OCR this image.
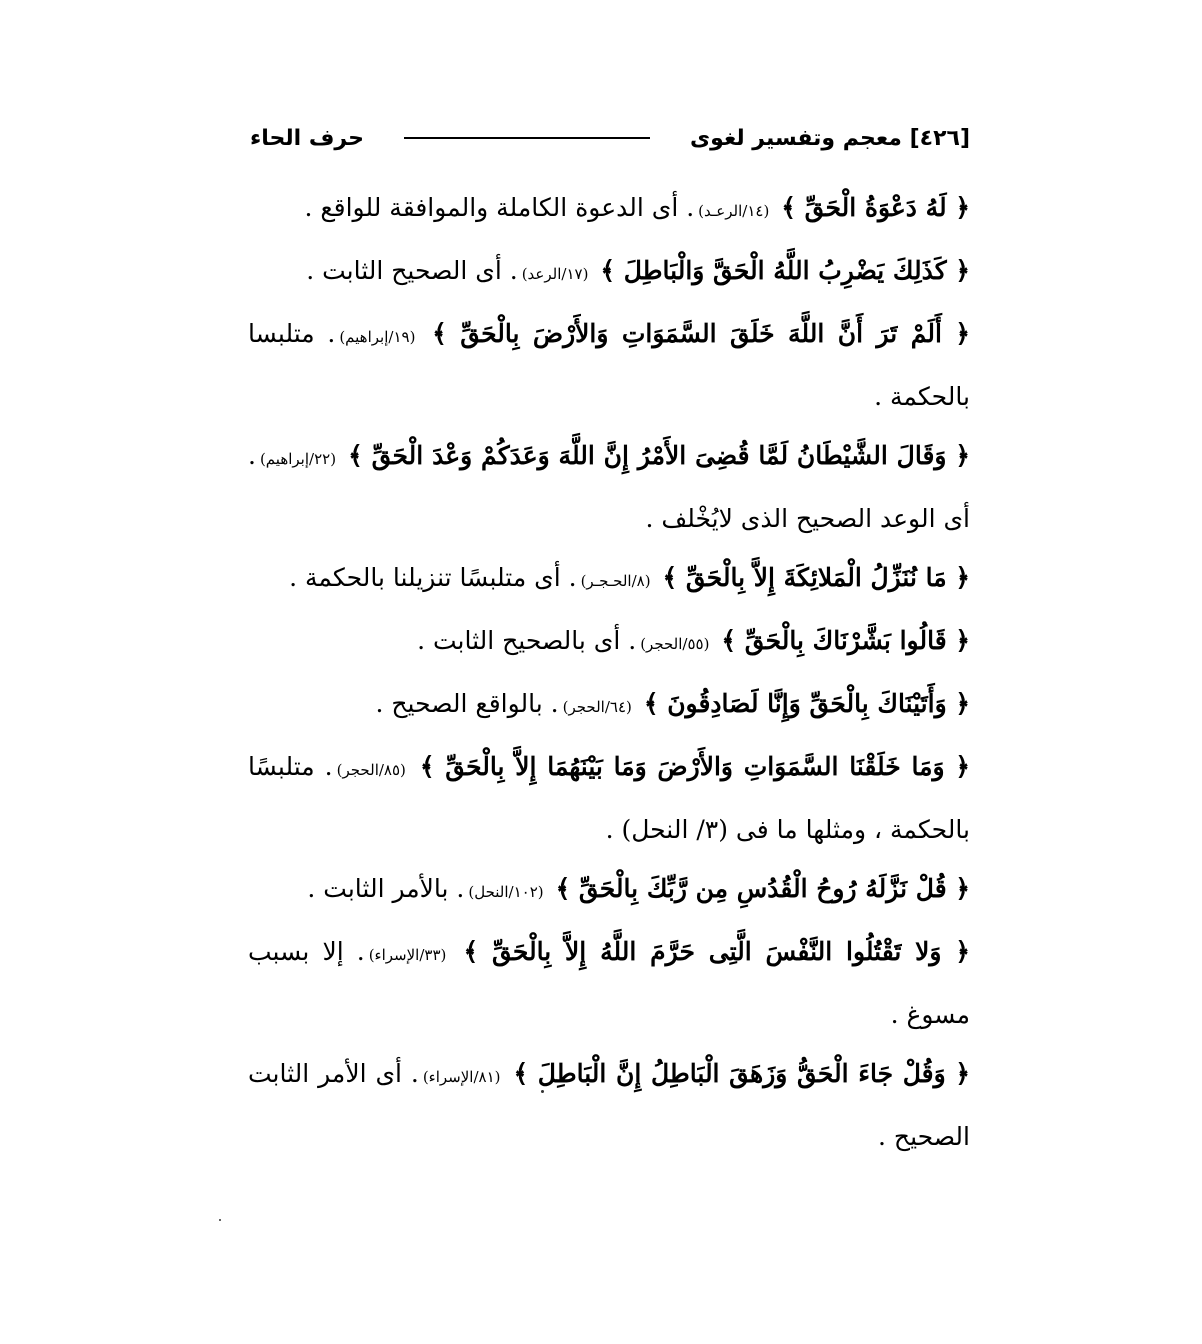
[٤٢٦] معجم وتفسير لغوى
حرف الحاء

﴿ لَهُ دَعْوَةُ الْحَقِّ ﴾ (١٤/الرعـد). أى الدعوة الكاملة والموافقة للواقع .

﴿ كَذَلِكَ يَضْرِبُ اللَّهُ الْحَقَّ وَالْبَاطِلَ ﴾ (١٧/الرعد). أى الصحيح الثابت .

﴿ أَلَمْ تَرَ أَنَّ اللَّهَ خَلَقَ السَّمَوَاتِ وَالأَرْضَ بِالْحَقِّ ﴾ (١٩/إبراهيم). متلبسا بالحكمة .

﴿ وَقَالَ الشَّيْطَانُ لَمَّا قُضِىَ الأَمْرُ إِنَّ اللَّهَ وَعَدَكُمْ وَعْدَ الْحَقِّ ﴾ (٢٢/إبراهيم). أى الوعد الصحيح الذى لايُخْلف .

﴿ مَا نُنَزِّلُ الْمَلائِكَةَ إِلاَّ بِالْحَقِّ ﴾ (٨/الحـجـر). أى متلبسًا تنزيلنا بالحكمة .

﴿ قَالُوا بَشَّرْنَاكَ بِالْحَقِّ ﴾ (٥٥/الحجر). أى بالصحيح الثابت .

﴿ وَأَتَيْنَاكَ بِالْحَقِّ وَإِنَّا لَصَادِقُونَ ﴾ (٦٤/الحجر). بالواقع الصحيح .

﴿ وَمَا خَلَقْنَا السَّمَوَاتِ وَالأَرْضَ وَمَا بَيْنَهُمَا إِلاَّ بِالْحَقِّ ﴾ (٨٥/الحجر). متلبسًا بالحكمة ، ومثلها ما فى (٣/ النحل) .

﴿ قُلْ نَزَّلَهُ رُوحُ الْقُدُسِ مِن رَّبِّكَ بِالْحَقِّ ﴾ (١٠٢/النحل). بالأمر الثابت .

﴿ وَلا تَقْتُلُوا النَّفْسَ الَّتِى حَرَّمَ اللَّهُ إِلاَّ بِالْحَقِّ ﴾ (٣٣/الإسراء). إلا بسبب مسوغ .

﴿ وَقُلْ جَاءَ الْحَقُّ وَزَهَقَ الْبَاطِلُ إِنَّ الْبَاطِلَ ﴾ (٨١/الإسراء). أى الأمر الثابت الصحيح .
